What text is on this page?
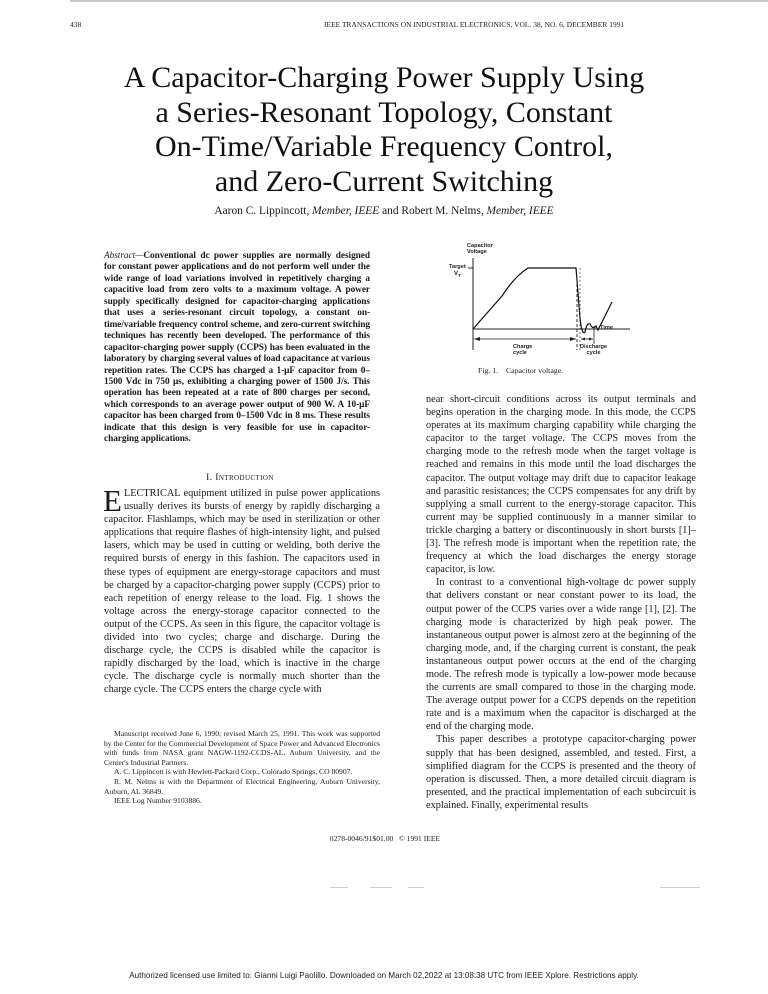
438	IEEE TRANSACTIONS ON INDUSTRIAL ELECTRONICS, VOL. 38, NO. 6, DECEMBER 1991
A Capacitor-Charging Power Supply Using
a Series-Resonant Topology, Constant
On-Time/Variable Frequency Control,
and Zero-Current Switching
Aaron C. Lippincott, Member, IEEE and Robert M. Nelms, Member, IEEE
Abstract—Conventional dc power supplies are normally designed for constant power applications and do not perform well under the wide range of load variations involved in repetitively charging a capacitive load from zero volts to a maximum voltage. A power supply specifically designed for capacitor-charging applications that uses a series-resonant circuit topology, a constant on-time/variable frequency control scheme, and zero-current switching techniques has recently been developed. The performance of this capacitor-charging power supply (CCPS) has been evaluated in the laboratory by charging several values of load capacitance at various repetition rates. The CCPS has charged a 1-μF capacitor from 0–1500 Vdc in 750 μs, exhibiting a charging power of 1500 J/s. This operation has been repeated at a rate of 800 charges per second, which corresponds to an average power output of 900 W. A 10-μF capacitor has been charged from 0–1500 Vdc in 8 ms. These results indicate that this design is very feasible for use in capacitor-charging applications.
I. Introduction
ELECTRICAL equipment utilized in pulse power applications usually derives its bursts of energy by rapidly discharging a capacitor. Flashlamps, which may be used in sterilization or other applications that require flashes of high-intensity light, and pulsed lasers, which may be used in cutting or welding, both derive the required bursts of energy in this fashion. The capacitors used in these types of equipment are energy-storage capacitors and must be charged by a capacitor-charging power supply (CCPS) prior to each repetition of energy release to the load. Fig. 1 shows the voltage across the energy-storage capacitor connected to the output of the CCPS. As seen in this figure, the capacitor voltage is divided into two cycles; charge and discharge. During the discharge cycle, the CCPS is disabled while the capacitor is rapidly discharged by the load, which is inactive in the charge cycle. The discharge cycle is normally much shorter than the charge cycle. The CCPS enters the charge cycle with

Manuscript received June 6, 1990; revised March 25, 1991. This work was supported by the Center for the Commercial Development of Space Power and Advanced Electronics with funds from NASA grant NAGW-1192-CCDS-AL, Auburn University, and the Center's Industrial Partners.

A. C. Lippincott is with Hewlett-Packard Corp., Colorado Springs, CO 80907.

R. M. Nelms is with the Department of Electrical Engineering, Auburn University, Auburn, AL 36849.

IEEE Log Number 9103886.

Capacitor
Voltage
Target
$V_T$
Time
Charge
cycle
Discharge
cycle
Fig. 1.    Capacitor voltage.

near short-circuit conditions across its output terminals and begins operation in the charging mode. In this mode, the CCPS operates at its maximum charging capability while charging the capacitor to the target voltage. The CCPS moves from the charging mode to the refresh mode when the target voltage is reached and remains in this mode until the load discharges the capacitor. The output voltage may drift due to capacitor leakage and parasitic resistances; the CCPS compensates for any drift by supplying a small current to the energy-storage capacitor. This current may be supplied continuously in a manner similar to trickle charging a battery or discontinuously in short bursts [1]–[3]. The refresh mode is important when the repetition rate, the frequency at which the load discharges the energy storage capacitor, is low.

In contrast to a conventional high-voltage dc power supply that delivers constant or near constant power to its load, the output power of the CCPS varies over a wide range [1], [2]. The charging mode is characterized by high peak power. The instantaneous output power is almost zero at the beginning of the charging mode, and, if the charging current is constant, the peak instantaneous output power occurs at the end of the charging mode. The refresh mode is typically a low-power mode because the currents are small compared to those in the charging mode. The average output power for a CCPS depends on the repetition rate and is a maximum when the capacitor is discharged at the end of the charging mode.

This paper describes a prototype capacitor-charging power supply that has been designed, assembled, and tested. First, a simplified diagram for the CCPS is presented and the theory of operation is discussed. Then, a more detailed circuit diagram is presented, and the practical implementation of each subcircuit is explained. Finally, experimental results

0278-0046/91$01.00   © 1991 IEEE
Authorized licensed use limited to: Gianni Luigi Paolillo. Downloaded on March 02,2022 at 13:08:38 UTC from IEEE Xplore. Restrictions apply.
